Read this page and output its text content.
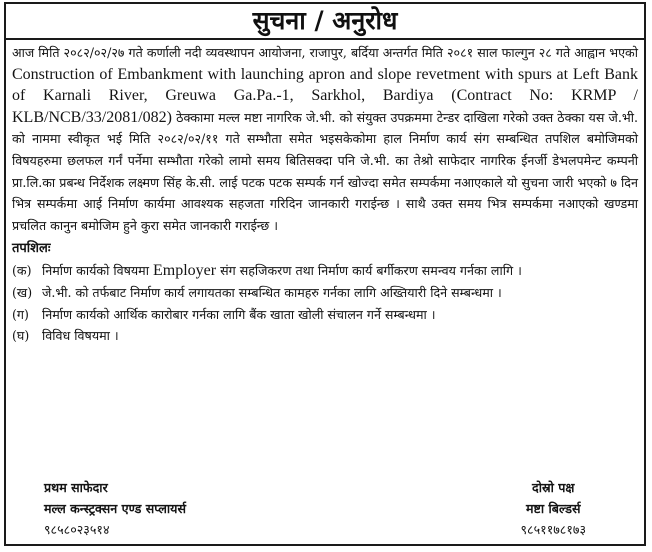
सुचना / अनुरोध
आज मिति २०८२/०२/२७ गते कर्णाली नदी व्यवस्थापन आयोजना, राजापुर, बर्दिया अन्तर्गत मिति २०८१ साल फाल्गुन २८ गते आह्वान भएको Construction of Embankment with launching apron and slope revetment with spurs at Left Bank of Karnali River, Greuwa Ga.Pa.-1, Sarkhol, Bardiya (Contract No: KRMP / KLB/NCB/33/2081/082) ठेक्कामा मल्ल मष्टा नागरिक जे.भी. को संयुक्त उपक्रममा टेन्डर दाखिला गरेको उक्त ठेक्का यस जे.भी. को नाममा स्वीकृत भई मिति २०८२/०२/११ गते सम्भौता समेत भइसकेकोमा हाल निर्माण कार्य संग सम्बन्धित तपशिल बमोजिमको विषयहरुमा छलफल गर्नं पर्नेमा सम्भौता गरेको लामो समय बितिसक्दा पनि जे.भी. का तेश्रो साफेदार नागरिक ईनर्जी डेभलपमेन्ट कम्पनी प्रा.लि.का प्रबन्ध निर्देशक लक्ष्मण सिंह के.सी. लाई पटक पटक सम्पर्क गर्न खोज्दा समेत सम्पर्कमा नआएकाले यो सुचना जारी भएको ७ दिन भित्र सम्पर्कमा आई निर्माण कार्यमा आवश्यक सहजता गरिदिन जानकारी गराईन्छ । साथै उक्त समय भित्र सम्पर्कमा नआएको खण्डमा प्रचलित कानुन बमोजिम हुने कुरा समेत जानकारी गराईन्छ ।
तपशिलः
(क) निर्माण कार्यको विषयमा Employer संग सहजिकरण तथा निर्माण कार्य बर्गीकरण समन्वय गर्नका लागि ।
(ख) जे.भी. को तर्फबाट निर्माण कार्य लगायतका सम्बन्धित कामहरु गर्नका लागि अख्तियारी दिने सम्बन्धमा ।
(ग)	निर्माण कार्यको आर्थिक कारोबार गर्नका लागि बैंक खाता खोली संचालन गर्ने सम्बन्धमा ।
(घ)	विविध विषयमा ।
प्रथम साफेदार
मल्ल कन्स्ट्रक्सन एण्ड सप्लायर्स
९८५८०२३५१४
दोस्रो पक्ष
मष्टा बिल्डर्स
९८५११७८१७३
